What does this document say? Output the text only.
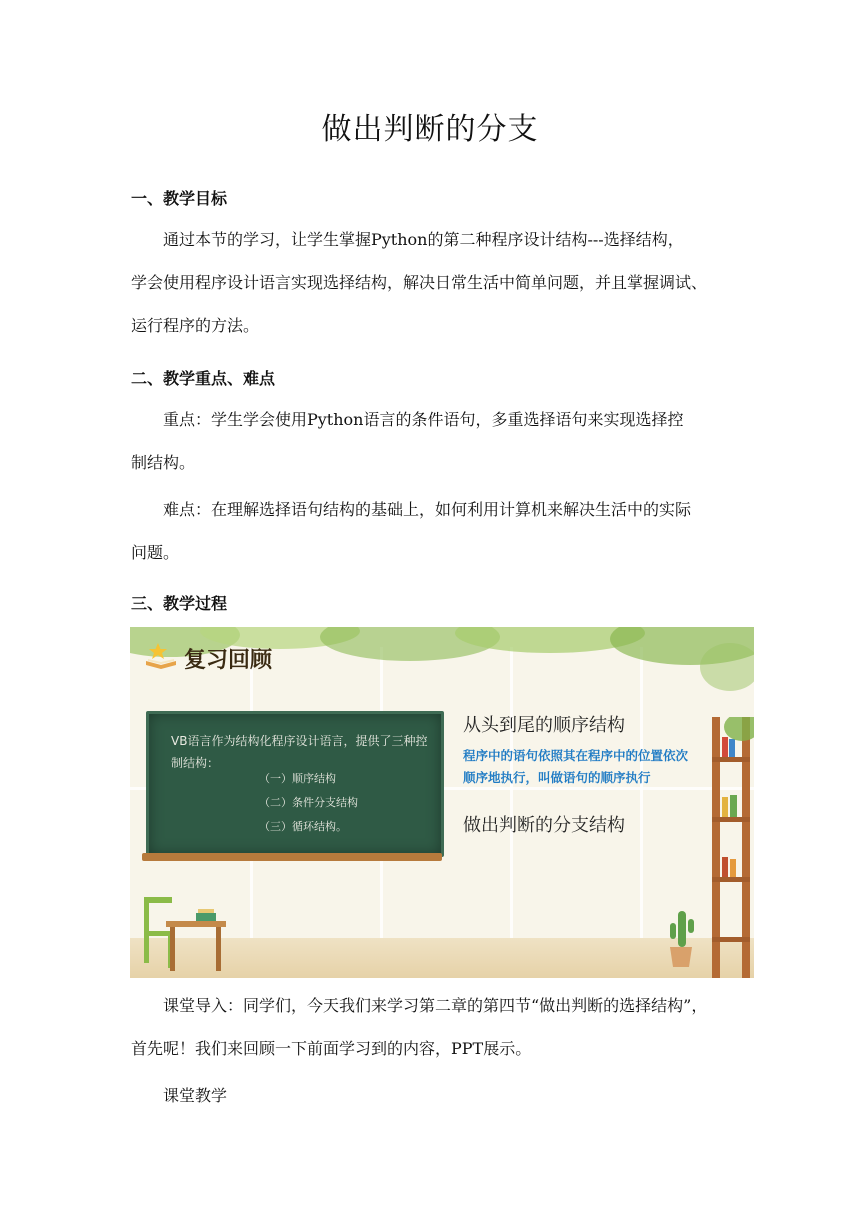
做出判断的分支
一、教学目标
通过本节的学习，让学生掌握Python的第二种程序设计结构---选择结构，
学会使用程序设计语言实现选择结构，解决日常生活中简单问题，并且掌握调试、
运行程序的方法。
二、教学重点、难点
重点：学生学会使用Python语言的条件语句，多重选择语句来实现选择控
制结构。
难点：在理解选择语句结构的基础上，如何利用计算机来解决生活中的实际
问题。
三、教学过程
复习回顾
VB语言作为结构化程序设计语言，提供了三种控制结构：
（一）顺序结构
（二）条件分支结构
（三）循环结构。
从头到尾的顺序结构
程序中的语句依照其在程序中的位置依次
顺序地执行，叫做语句的顺序执行
做出判断的分支结构
课堂导入：同学们，今天我们来学习第二章的第四节“做出判断的选择结构”，
首先呢！我们来回顾一下前面学习到的内容，PPT展示。
课堂教学
